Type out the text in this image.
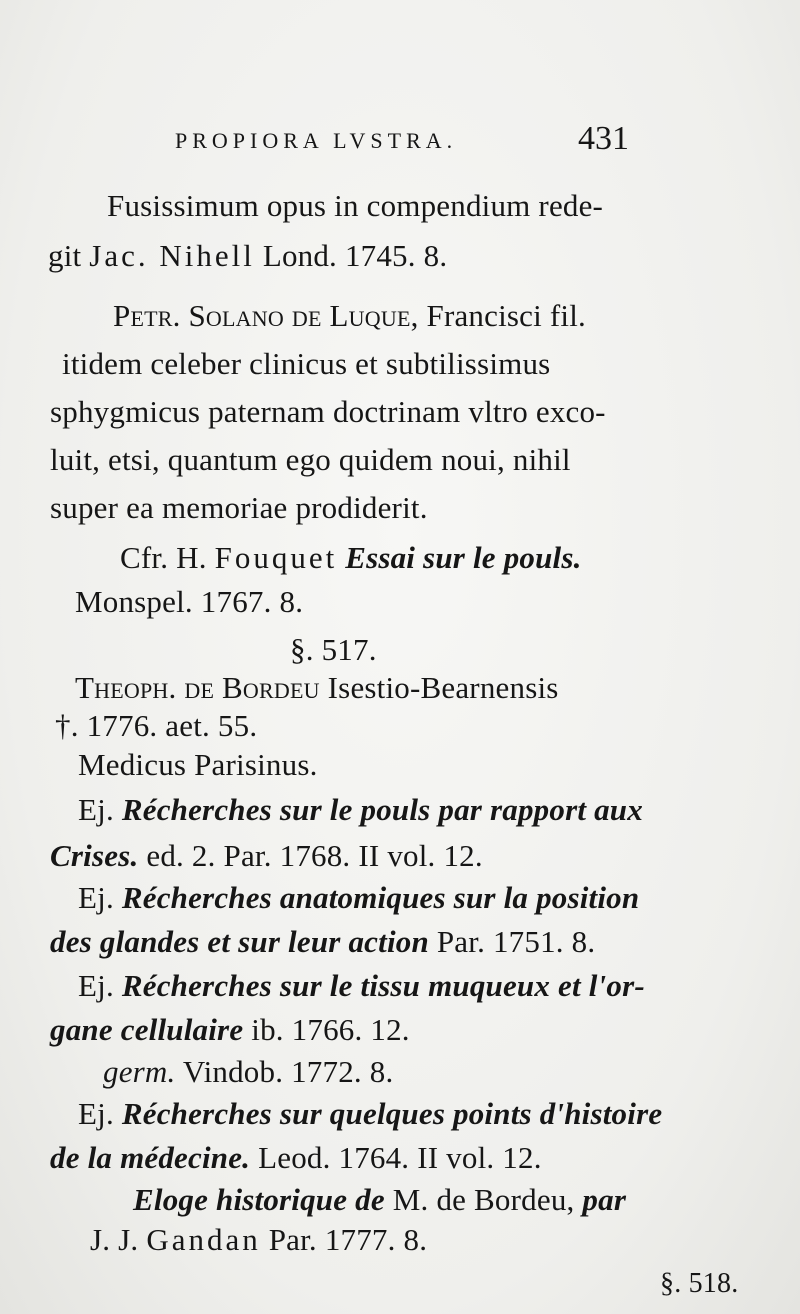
PROPIORA LVSTRA.	431
Fusissimum opus in compendium rede-
git Jac. Nihell Lond. 1745. 8.
Petr. Solano de Luque, Francisci fil.
itidem celeber clinicus et subtilissimus
sphygmicus paternam doctrinam vltro exco-
luit, etsi, quantum ego quidem noui, nihil
super ea memoriae prodiderit.
Cfr. H. Fouquet Essai sur le pouls.
Monspel. 1767. 8.
§. 517.
Theoph. de Bordeu Isestio-Bearnensis
†. 1776. aet. 55.
Medicus Parisinus.
Ej. Récherches sur le pouls par rapport aux
Crises. ed. 2. Par. 1768. II vol. 12.
Ej. Récherches anatomiques sur la position
des glandes et sur leur action Par. 1751. 8.
Ej. Récherches sur le tissu muqueux et l'or-
gane cellulaire ib. 1766. 12.
germ. Vindob. 1772. 8.
Ej. Récherches sur quelques points d'histoire
de la médecine. Leod. 1764. II vol. 12.
Eloge historique de M. de Bordeu, par
J. J. Gandan Par. 1777. 8.
§. 518.
